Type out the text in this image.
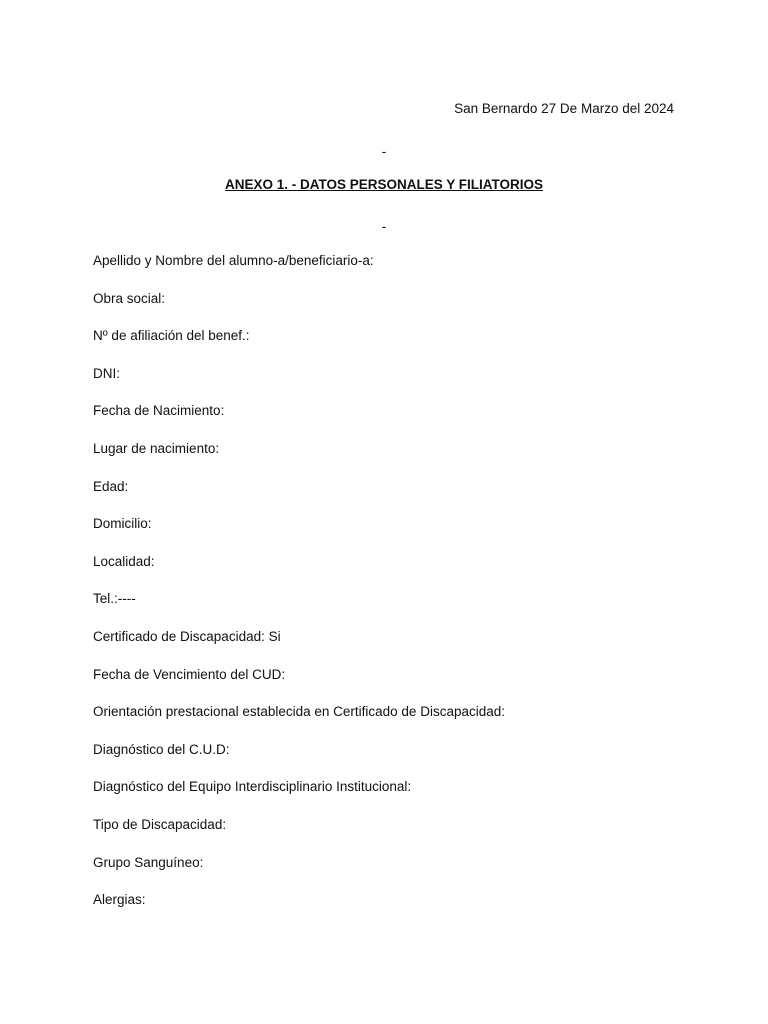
San Bernardo 27 De Marzo del 2024
-
ANEXO 1. - DATOS PERSONALES Y FILIATORIOS
-
Apellido y Nombre del alumno-a/beneficiario-a:
Obra social:
Nº de afiliación del benef.:
DNI:
Fecha de Nacimiento:
Lugar de nacimiento:
Edad:
Domicilio:
Localidad:
Tel.:----
Certificado de Discapacidad: Si
Fecha de Vencimiento del CUD:
Orientación prestacional establecida en Certificado de Discapacidad:
Diagnóstico del C.U.D:
Diagnóstico del Equipo Interdisciplinario Institucional:
Tipo de Discapacidad:
Grupo Sanguíneo:
Alergias:
